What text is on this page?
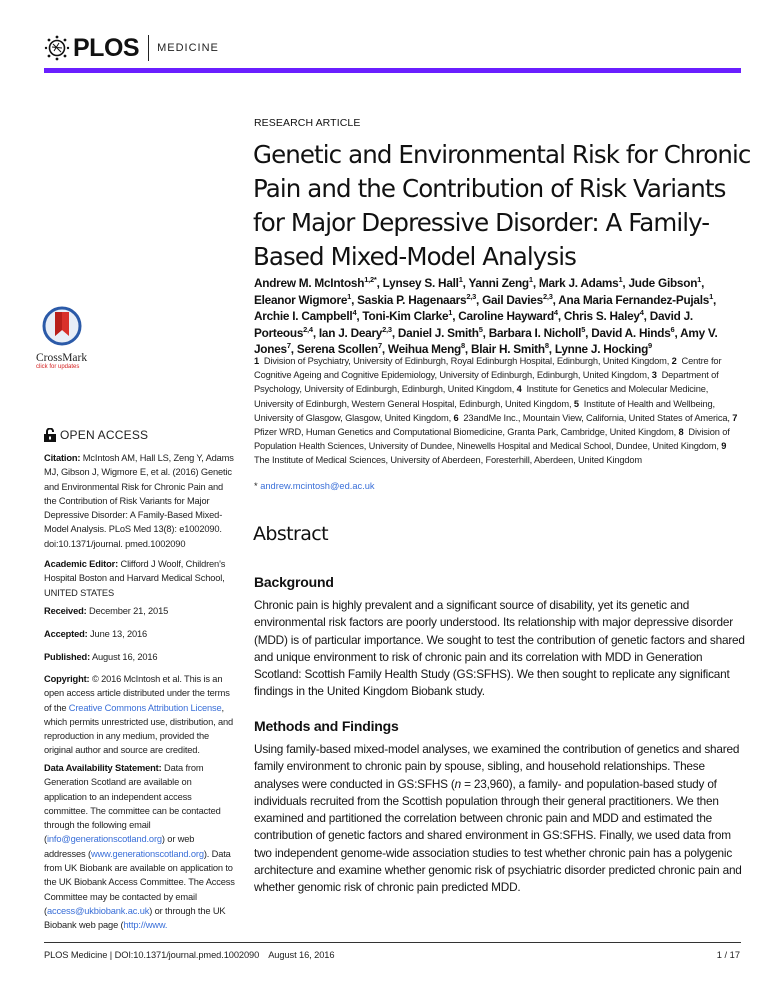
PLOS MEDICINE
CrossMark
click for updates
OPEN ACCESS
Citation: McIntosh AM, Hall LS, Zeng Y, Adams MJ, Gibson J, Wigmore E, et al. (2016) Genetic and Environmental Risk for Chronic Pain and the Contribution of Risk Variants for Major Depressive Disorder: A Family-Based Mixed-Model Analysis. PLoS Med 13(8): e1002090. doi:10.1371/journal. pmed.1002090
Academic Editor: Clifford J Woolf, Children's Hospital Boston and Harvard Medical School, UNITED STATES
Received: December 21, 2015
Accepted: June 13, 2016
Published: August 16, 2016
Copyright: © 2016 McIntosh et al. This is an open access article distributed under the terms of the Creative Commons Attribution License, which permits unrestricted use, distribution, and reproduction in any medium, provided the original author and source are credited.
Data Availability Statement: Data from Generation Scotland are available on application to an independent access committee. The committee can be contacted through the following email (info@generationscotland.org) or web addresses (www.generationscotland.org). Data from UK Biobank are available on application to the UK Biobank Access Committee. The Access Committee may be contacted by email (access@ukbiobank.ac.uk) or through the UK Biobank web page (http://www.
RESEARCH ARTICLE
Genetic and Environmental Risk for Chronic Pain and the Contribution of Risk Variants for Major Depressive Disorder: A Family-Based Mixed-Model Analysis
Andrew M. McIntosh$^{1,2*}$, Lynsey S. Hall$^1$, Yanni Zeng$^1$, Mark J. Adams$^1$, Jude Gibson$^1$, Eleanor Wigmore$^1$, Saskia P. Hagenaars$^{2,3}$, Gail Davies$^{2,3}$, Ana Maria Fernandez-Pujals$^1$, Archie I. Campbell$^4$, Toni-Kim Clarke$^1$, Caroline Hayward$^4$, Chris S. Haley$^4$, David J. Porteous$^{2,4}$, Ian J. Deary$^{2,3}$, Daniel J. Smith$^5$, Barbara I. Nicholl$^5$, David A. Hinds$^6$, Amy V. Jones$^7$, Serena Scollen$^7$, Weihua Meng$^8$, Blair H. Smith$^8$, Lynne J. Hocking$^9$
1  Division of Psychiatry, University of Edinburgh, Royal Edinburgh Hospital, Edinburgh, United Kingdom, 2  Centre for Cognitive Ageing and Cognitive Epidemiology, University of Edinburgh, Edinburgh, United Kingdom, 3  Department of Psychology, University of Edinburgh, Edinburgh, United Kingdom, 4  Institute for Genetics and Molecular Medicine, University of Edinburgh, Western General Hospital, Edinburgh, United Kingdom, 5  Institute of Health and Wellbeing, University of Glasgow, Glasgow, United Kingdom, 6  23andMe Inc., Mountain View, California, United States of America, 7  Pfizer WRD, Human Genetics and Computational Biomedicine, Granta Park, Cambridge, United Kingdom, 8  Division of Population Health Sciences, University of Dundee, Ninewells Hospital and Medical School, Dundee, United Kingdom, 9  The Institute of Medical Sciences, University of Aberdeen, Foresterhill, Aberdeen, United Kingdom
* andrew.mcintosh@ed.ac.uk
Abstract
Background
Chronic pain is highly prevalent and a significant source of disability, yet its genetic and environmental risk factors are poorly understood. Its relationship with major depressive disorder (MDD) is of particular importance. We sought to test the contribution of genetic factors and shared and unique environment to risk of chronic pain and its correlation with MDD in Generation Scotland: Scottish Family Health Study (GS:SFHS). We then sought to replicate any significant findings in the United Kingdom Biobank study.
Methods and Findings
Using family-based mixed-model analyses, we examined the contribution of genetics and shared family environment to chronic pain by spouse, sibling, and household relationships. These analyses were conducted in GS:SFHS (n = 23,960), a family- and population-based study of individuals recruited from the Scottish population through their general practitioners. We then examined and partitioned the correlation between chronic pain and MDD and estimated the contribution of genetic factors and shared environment in GS:SFHS. Finally, we used data from two independent genome-wide association studies to test whether chronic pain has a polygenic architecture and examine whether genomic risk of psychiatric disorder predicted chronic pain and whether genomic risk of chronic pain predicted MDD.
PLOS Medicine | DOI:10.1371/journal.pmed.1002090 August 16, 2016	1 / 17
